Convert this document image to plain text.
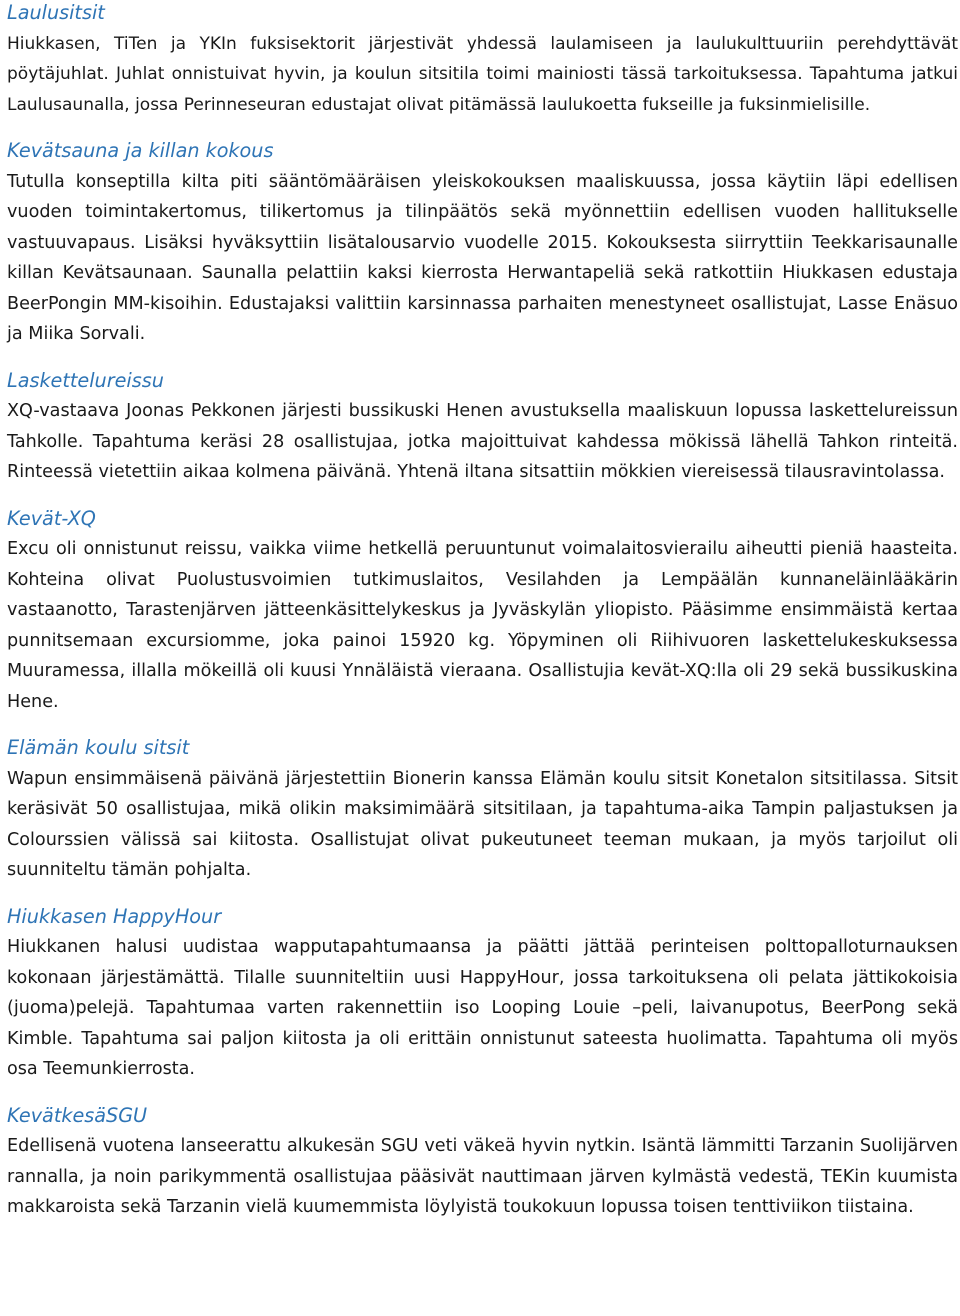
Laulusitsit

Hiukkasen, TiTen ja YKIn fuksisektorit järjestivät yhdessä laulamiseen ja laulukulttuuriin perehdyttävät pöytäjuhlat. Juhlat onnistuivat hyvin, ja koulun sitsitila toimi mainiosti tässä tarkoituksessa. Tapahtuma jatkui Laulusaunalla, jossa Perinneseuran edustajat olivat pitämässä laulukoetta fukseille ja fuksinmielisille.

Kevätsauna ja killan kokous

Tutulla konseptilla kilta piti sääntömääräisen yleiskokouksen maaliskuussa, jossa käytiin läpi edellisen vuoden toimintakertomus, tilikertomus ja tilinpäätös sekä myönnettiin edellisen vuoden hallitukselle vastuuvapaus. Lisäksi hyväksyttiin lisätalousarvio vuodelle 2015. Kokouksesta siirryttiin Teekkarisaunalle killan Kevätsaunaan. Saunalla pelattiin kaksi kierrosta Herwantapeliä sekä ratkottiin Hiukkasen edustaja BeerPongin MM-kisoihin. Edustajaksi valittiin karsinnassa parhaiten menestyneet osallistujat, Lasse Enäsuo ja Miika Sorvali.

Laskettelureissu

XQ-vastaava Joonas Pekkonen järjesti bussikuski Henen avustuksella maaliskuun lopussa laskettelureissun Tahkolle. Tapahtuma keräsi 28 osallistujaa, jotka majoittuivat kahdessa mökissä lähellä Tahkon rinteitä. Rinteessä vietettiin aikaa kolmena päivänä. Yhtenä iltana sitsattiin mökkien viereisessä tilausravintolassa.

Kevät-XQ

Excu oli onnistunut reissu, vaikka viime hetkellä peruuntunut voimalaitosvierailu aiheutti pieniä haasteita. Kohteina olivat Puolustusvoimien tutkimuslaitos, Vesilahden ja Lempäälän kunnaneläinlääkärin vastaanotto, Tarastenjärven jätteenkäsittelykeskus ja Jyväskylän yliopisto. Pääsimme ensimmäistä kertaa punnitsemaan excursiomme, joka painoi 15920 kg. Yöpyminen oli Riihivuoren laskettelukeskuksessa Muuramessa, illalla mökeillä oli kuusi Ynnäläistä vieraana. Osallistujia kevät-XQ:lla oli 29 sekä bussikuskina Hene.

Elämän koulu sitsit

Wapun ensimmäisenä päivänä järjestettiin Bionerin kanssa Elämän koulu sitsit Konetalon sitsitilassa. Sitsit keräsivät 50 osallistujaa, mikä olikin maksimimäärä sitsitilaan, ja tapahtuma-aika Tampin paljastuksen ja Colourssien välissä sai kiitosta. Osallistujat olivat pukeutuneet teeman mukaan, ja myös tarjoilut oli suunniteltu tämän pohjalta.

Hiukkasen HappyHour

Hiukkanen halusi uudistaa wapputapahtumaansa ja päätti jättää perinteisen polttopalloturnauksen kokonaan järjestämättä. Tilalle suunniteltiin uusi HappyHour, jossa tarkoituksena oli pelata jättikokoisia (juoma)pelejä. Tapahtumaa varten rakennettiin iso Looping Louie –peli, laivanupotus, BeerPong sekä Kimble. Tapahtuma sai paljon kiitosta ja oli erittäin onnistunut sateesta huolimatta. Tapahtuma oli myös osa Teemunkierrosta.

KevätkesäSGU

Edellisenä vuotena lanseerattu alkukesän SGU veti väkeä hyvin nytkin. Isäntä lämmitti Tarzanin Suolijärven rannalla, ja noin parikymmentä osallistujaa pääsivät nauttimaan järven kylmästä vedestä, TEKin kuumista makkaroista sekä Tarzanin vielä kuumemmista löylyistä toukokuun lopussa toisen tenttiviikon tiistaina.
